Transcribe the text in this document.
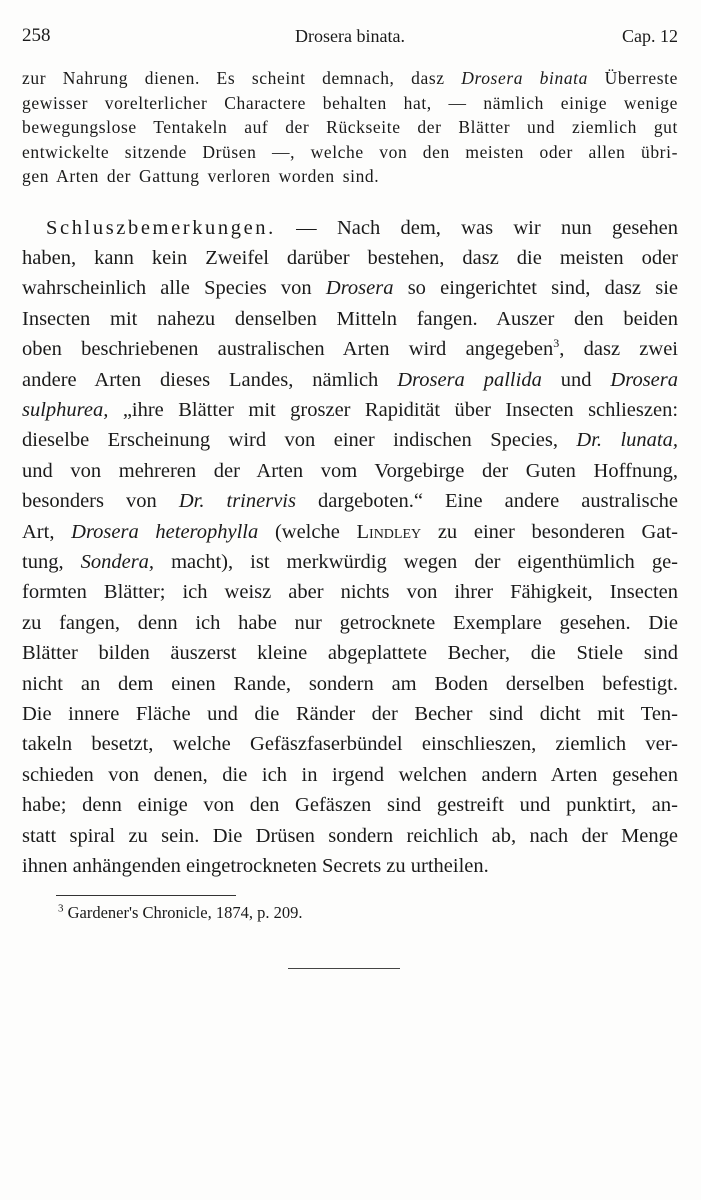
258	Drosera binata.	Cap. 12
zur Nahrung dienen. Es scheint demnach, dasz Drosera binata Überreste
gewisser vorelterlicher Charactere behalten hat, — nämlich einige wenige
bewegungslose Tentakeln auf der Rückseite der Blätter und ziemlich gut
entwickelte sitzende Drüsen —, welche von den meisten oder allen übri-
gen Arten der Gattung verloren worden sind.
Schluszbemerkungen. — Nach dem, was wir nun gesehen
haben, kann kein Zweifel darüber bestehen, dasz die meisten oder
wahrscheinlich alle Species von Drosera so eingerichtet sind, dasz sie
Insecten mit nahezu denselben Mitteln fangen. Auszer den beiden
oben beschriebenen australischen Arten wird angegeben$^3$, dasz zwei
andere Arten dieses Landes, nämlich Drosera pallida und Drosera
sulphurea, „ihre Blätter mit groszer Rapidität über Insecten schlieszen:
dieselbe Erscheinung wird von einer indischen Species, Dr. lunata,
und von mehreren der Arten vom Vorgebirge der Guten Hoffnung,
besonders von Dr. trinervis dargeboten.“ Eine andere australische
Art, Drosera heterophylla (welche Lindley zu einer besonderen Gat-
tung, Sondera, macht), ist merkwürdig wegen der eigenthümlich ge-
formten Blätter; ich weisz aber nichts von ihrer Fähigkeit, Insecten
zu fangen, denn ich habe nur getrocknete Exemplare gesehen. Die
Blätter bilden äuszerst kleine abgeplattete Becher, die Stiele sind
nicht an dem einen Rande, sondern am Boden derselben befestigt.
Die innere Fläche und die Ränder der Becher sind dicht mit Ten-
takeln besetzt, welche Gefäszfaserbündel einschlieszen, ziemlich ver-
schieden von denen, die ich in irgend welchen andern Arten gesehen
habe; denn einige von den Gefäszen sind gestreift und punktirt, an-
statt spiral zu sein. Die Drüsen sondern reichlich ab, nach der Menge
ihnen anhängenden eingetrockneten Secrets zu urtheilen.
$^3$ Gardener's Chronicle, 1874, p. 209.
